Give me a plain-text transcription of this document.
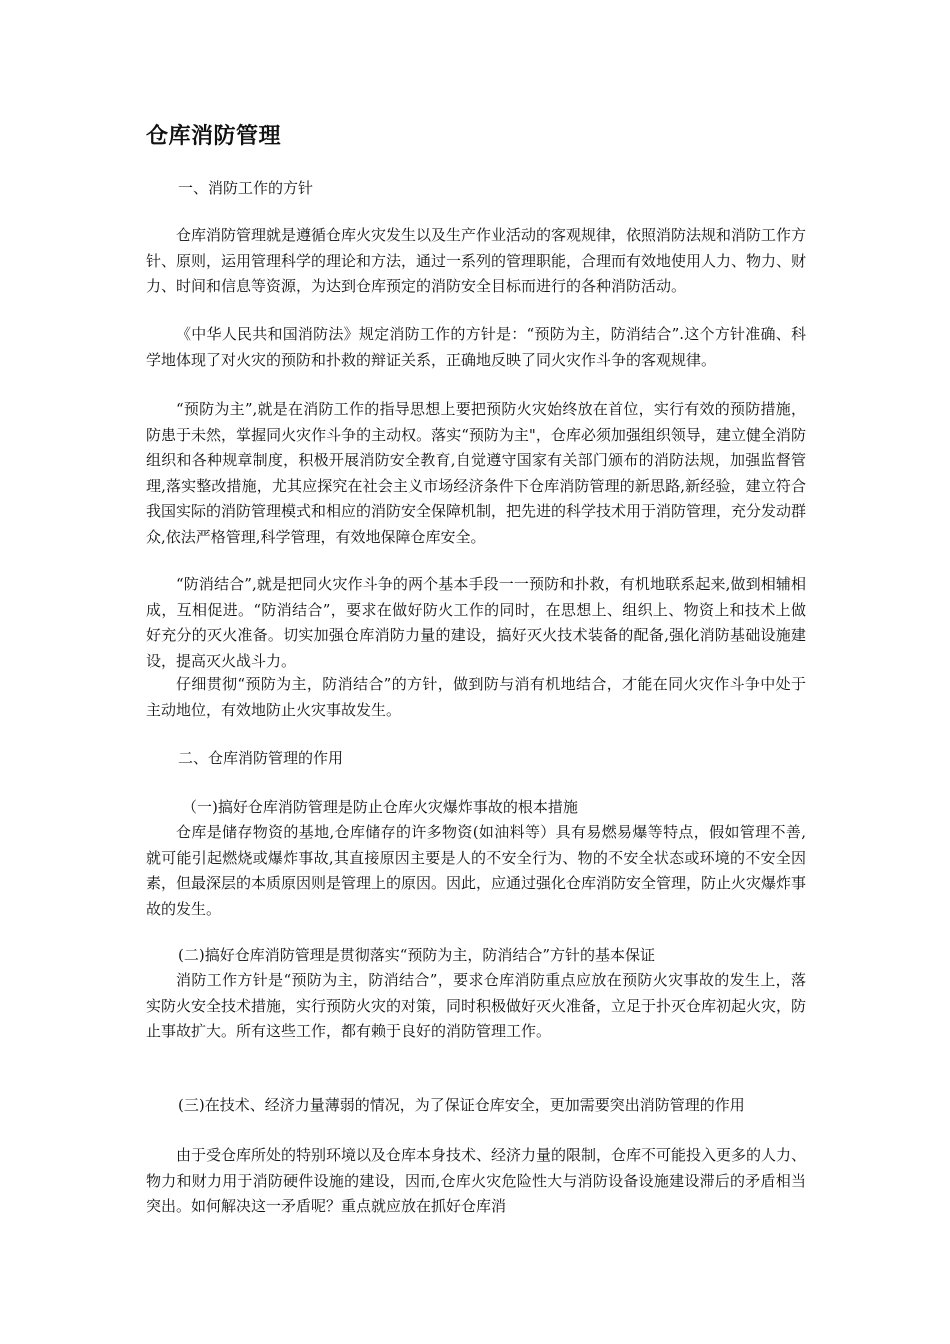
仓库消防管理

一、消防工作的方针

仓库消防管理就是遵循仓库火灾发生以及生产作业活动的客观规律，依照消防法规和消防工作方针、原则，运用管理科学的理论和方法，通过一系列的管理职能，合理而有效地使用人力、物力、财力、时间和信息等资源，为达到仓库预定的消防安全目标而进行的各种消防活动。

《中华人民共和国消防法》规定消防工作的方针是：“预防为主，防消结合”.这个方针准确、科学地体现了对火灾的预防和扑救的辩证关系，正确地反映了同火灾作斗争的客观规律。

“预防为主”,就是在消防工作的指导思想上要把预防火灾始终放在首位，实行有效的预防措施，防患于未然，掌握同火灾作斗争的主动权。落实“预防为主"，仓库必须加强组织领导，建立健全消防组织和各种规章制度，积极开展消防安全教育,自觉遵守国家有关部门颁布的消防法规，加强监督管理,落实整改措施，尤其应探究在社会主义市场经济条件下仓库消防管理的新思路,新经验，建立符合我国实际的消防管理模式和相应的消防安全保障机制，把先进的科学技术用于消防管理，充分发动群众,依法严格管理,科学管理，有效地保障仓库安全。

“防消结合”,就是把同火灾作斗争的两个基本手段一一预防和扑救，有机地联系起来,做到相辅相成，互相促进。“防消结合”，要求在做好防火工作的同时，在思想上、组织上、物资上和技术上做好充分的灭火准备。切实加强仓库消防力量的建设，搞好灭火技术装备的配备,强化消防基础设施建设，提高灭火战斗力。

仔细贯彻“预防为主，防消结合”的方针，做到防与消有机地结合，才能在同火灾作斗争中处于主动地位，有效地防止火灾事故发生。

二、仓库消防管理的作用

（一)搞好仓库消防管理是防止仓库火灾爆炸事故的根本措施

仓库是储存物资的基地,仓库储存的许多物资(如油料等）具有易燃易爆等特点，假如管理不善,就可能引起燃烧或爆炸事故,其直接原因主要是人的不安全行为、物的不安全状态或环境的不安全因素，但最深层的本质原因则是管理上的原因。因此，应通过强化仓库消防安全管理，防止火灾爆炸事故的发生。

(二)搞好仓库消防管理是贯彻落实“预防为主，防消结合”方针的基本保证

消防工作方针是“预防为主，防消结合”，要求仓库消防重点应放在预防火灾事故的发生上，落实防火安全技术措施，实行预防火灾的对策，同时积极做好灭火准备，立足于扑灭仓库初起火灾，防止事故扩大。所有这些工作，都有赖于良好的消防管理工作。

(三)在技术、经济力量薄弱的情况，为了保证仓库安全，更加需要突出消防管理的作用

由于受仓库所处的特别环境以及仓库本身技术、经济力量的限制，仓库不可能投入更多的人力、物力和财力用于消防硬件设施的建设，因而,仓库火灾危险性大与消防设备设施建设滞后的矛盾相当突出。如何解决这一矛盾呢？重点就应放在抓好仓库消
